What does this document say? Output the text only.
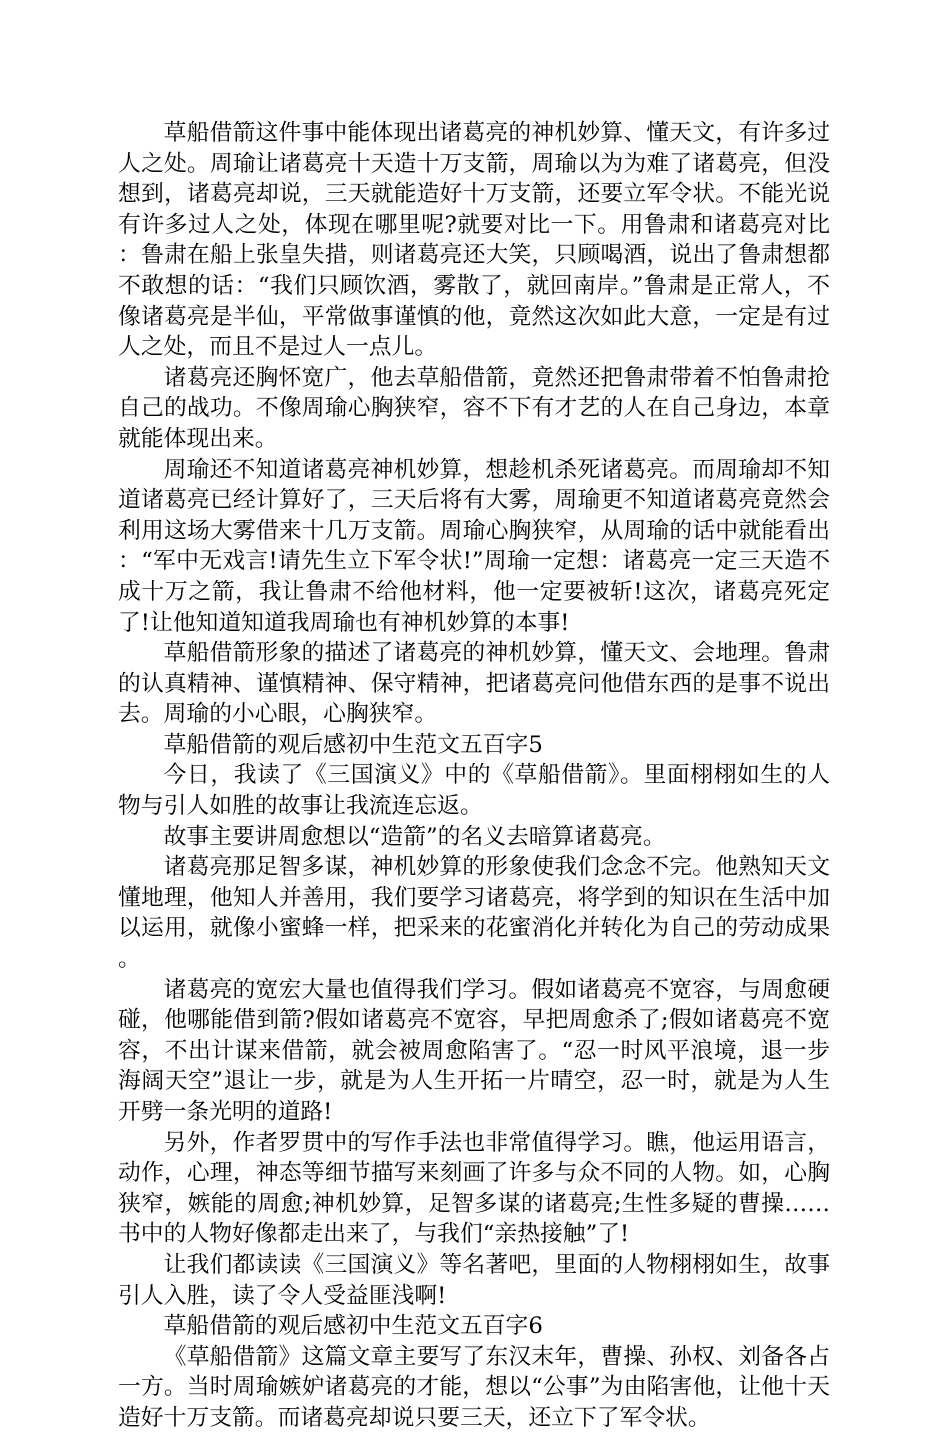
草船借箭这件事中能体现出诸葛亮的神机妙算、懂天文，有许多过人之处。周瑜让诸葛亮十天造十万支箭，周瑜以为为难了诸葛亮，但没想到，诸葛亮却说，三天就能造好十万支箭，还要立军令状。不能光说有许多过人之处，体现在哪里呢?就要对比一下。用鲁肃和诸葛亮对比：鲁肃在船上张皇失措，则诸葛亮还大笑，只顾喝酒，说出了鲁肃想都不敢想的话：“我们只顾饮酒，雾散了，就回南岸。”鲁肃是正常人，不像诸葛亮是半仙，平常做事谨慎的他，竟然这次如此大意，一定是有过人之处，而且不是过人一点儿。

诸葛亮还胸怀宽广，他去草船借箭，竟然还把鲁肃带着不怕鲁肃抢自己的战功。不像周瑜心胸狭窄，容不下有才艺的人在自己身边，本章就能体现出来。

周瑜还不知道诸葛亮神机妙算，想趁机杀死诸葛亮。而周瑜却不知道诸葛亮已经计算好了，三天后将有大雾，周瑜更不知道诸葛亮竟然会利用这场大雾借来十几万支箭。周瑜心胸狭窄，从周瑜的话中就能看出：“军中无戏言!请先生立下军令状!”周瑜一定想：诸葛亮一定三天造不成十万之箭，我让鲁肃不给他材料，他一定要被斩!这次，诸葛亮死定了!让他知道知道我周瑜也有神机妙算的本事!

草船借箭形象的描述了诸葛亮的神机妙算，懂天文、会地理。鲁肃的认真精神、谨慎精神、保守精神，把诸葛亮问他借东西的是事不说出去。周瑜的小心眼，心胸狭窄。

草船借箭的观后感初中生范文五百字5

今日，我读了《三国演义》中的《草船借箭》。里面栩栩如生的人物与引人如胜的故事让我流连忘返。

故事主要讲周愈想以“造箭”的名义去暗算诸葛亮。

诸葛亮那足智多谋，神机妙算的形象使我们念念不完。他熟知天文懂地理，他知人并善用，我们要学习诸葛亮，将学到的知识在生活中加以运用，就像小蜜蜂一样，把采来的花蜜消化并转化为自己的劳动成果。

诸葛亮的宽宏大量也值得我们学习。假如诸葛亮不宽容，与周愈硬碰，他哪能借到箭?假如诸葛亮不宽容，早把周愈杀了;假如诸葛亮不宽容，不出计谋来借箭，就会被周愈陷害了。“忍一时风平浪境，退一步海阔天空”退让一步，就是为人生开拓一片晴空，忍一时，就是为人生开劈一条光明的道路!

另外，作者罗贯中的写作手法也非常值得学习。瞧，他运用语言，动作，心理，神态等细节描写来刻画了许多与众不同的人物。如，心胸狭窄，嫉能的周愈;神机妙算，足智多谋的诸葛亮;生性多疑的曹操……书中的人物好像都走出来了，与我们“亲热接触”了!

让我们都读读《三国演义》等名著吧，里面的人物栩栩如生，故事引人入胜，读了令人受益匪浅啊!

草船借箭的观后感初中生范文五百字6

《草船借箭》这篇文章主要写了东汉末年，曹操、孙权、刘备各占一方。当时周瑜嫉妒诸葛亮的才能，想以“公事”为由陷害他，让他十天造好十万支箭。而诸葛亮却说只要三天，还立下了军令状。
